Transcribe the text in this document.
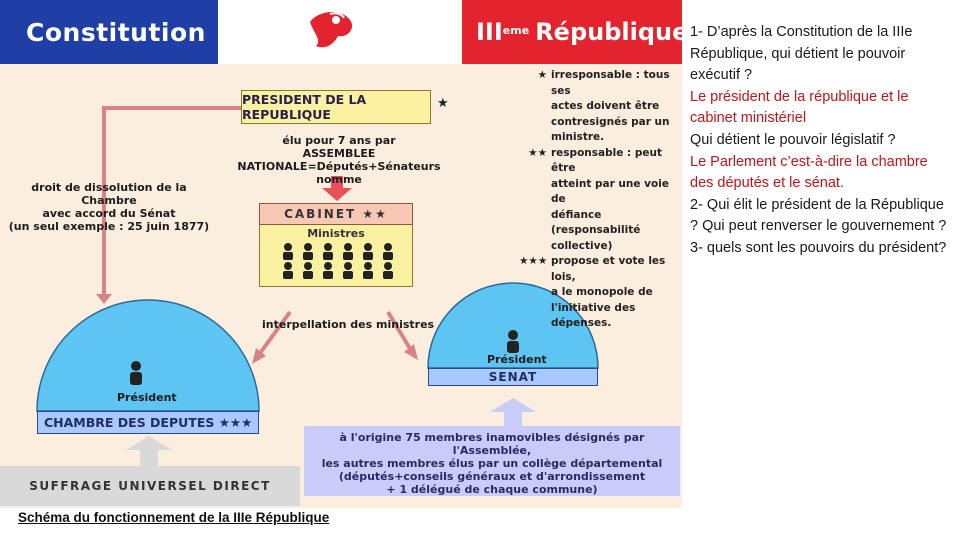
Constitution	IIIeme République
PRESIDENT DE LA REPUBLIQUE
★
élu pour 7 ans par
ASSEMBLEE NATIONALE=Députés+Sénateurs
nomme
droit de dissolution de la Chambre
avec accord du Sénat
(un seul exemple : 25 juin 1877)
CABINET ★★
Ministres
interpellation des ministres
Président
CHAMBRE DES DEPUTES ★★★
Président
SENAT
SUFFRAGE UNIVERSEL DIRECT
à l'origine 75 membres inamovibles désignés par l'Assemblée,
les autres membres élus par un collège départemental
(députés+conseils généraux et d'arrondissement
+ 1 délégué de chaque commune)
★ irresponsable : tous ses
actes doivent être
contresignés par un
ministre.
★★ responsable : peut être
atteint par une voie de
défiance (responsabilité
collective)
★★★ propose et vote les lois,
a le monopole de
l'initiative des dépenses.
Schéma du fonctionnement de la IIIe République
1- D’après la Constitution de la IIIe République, qui détient le pouvoir exécutif ?
Le président de la république et le cabinet ministériel
Qui détient le pouvoir législatif ?
Le Parlement c’est-à-dire la chambre des députés et le sénat.
2- Qui élit le président de la République ? Qui peut renverser le gouvernement ?
3- quels sont les pouvoirs du président?
